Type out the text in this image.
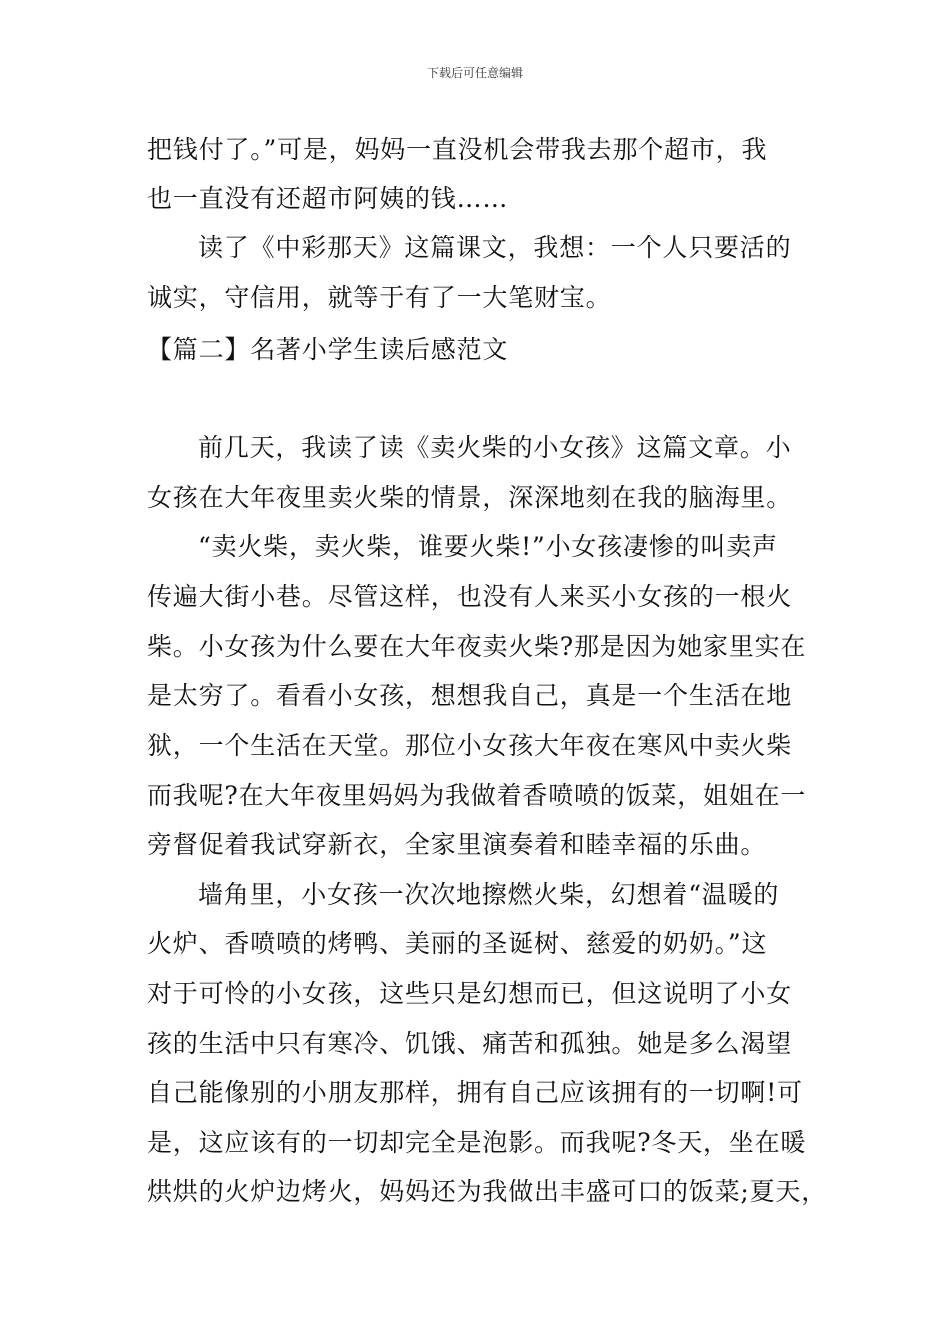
下载后可任意编辑
把钱付了。”可是，妈妈一直没机会带我去那个超市，我
也一直没有还超市阿姨的钱……
读了《中彩那天》这篇课文，我想：一个人只要活的
诚实，守信用，就等于有了一大笔财宝。
【篇二】名著小学生读后感范文
前几天，我读了读《卖火柴的小女孩》这篇文章。小
女孩在大年夜里卖火柴的情景，深深地刻在我的脑海里。
“卖火柴，卖火柴，谁要火柴!”小女孩凄惨的叫卖声
传遍大街小巷。尽管这样，也没有人来买小女孩的一根火
柴。小女孩为什么要在大年夜卖火柴?那是因为她家里实在
是太穷了。看看小女孩，想想我自己，真是一个生活在地
狱，一个生活在天堂。那位小女孩大年夜在寒风中卖火柴
而我呢?在大年夜里妈妈为我做着香喷喷的饭菜，姐姐在一
旁督促着我试穿新衣，全家里演奏着和睦幸福的乐曲。
墙角里，小女孩一次次地擦燃火柴，幻想着“温暖的
火炉、香喷喷的烤鸭、美丽的圣诞树、慈爱的奶奶。”这
对于可怜的小女孩，这些只是幻想而已，但这说明了小女
孩的生活中只有寒冷、饥饿、痛苦和孤独。她是多么渴望
自己能像别的小朋友那样，拥有自己应该拥有的一切啊!可
是，这应该有的一切却完全是泡影。而我呢?冬天，坐在暖
烘烘的火炉边烤火，妈妈还为我做出丰盛可口的饭菜;夏天，
